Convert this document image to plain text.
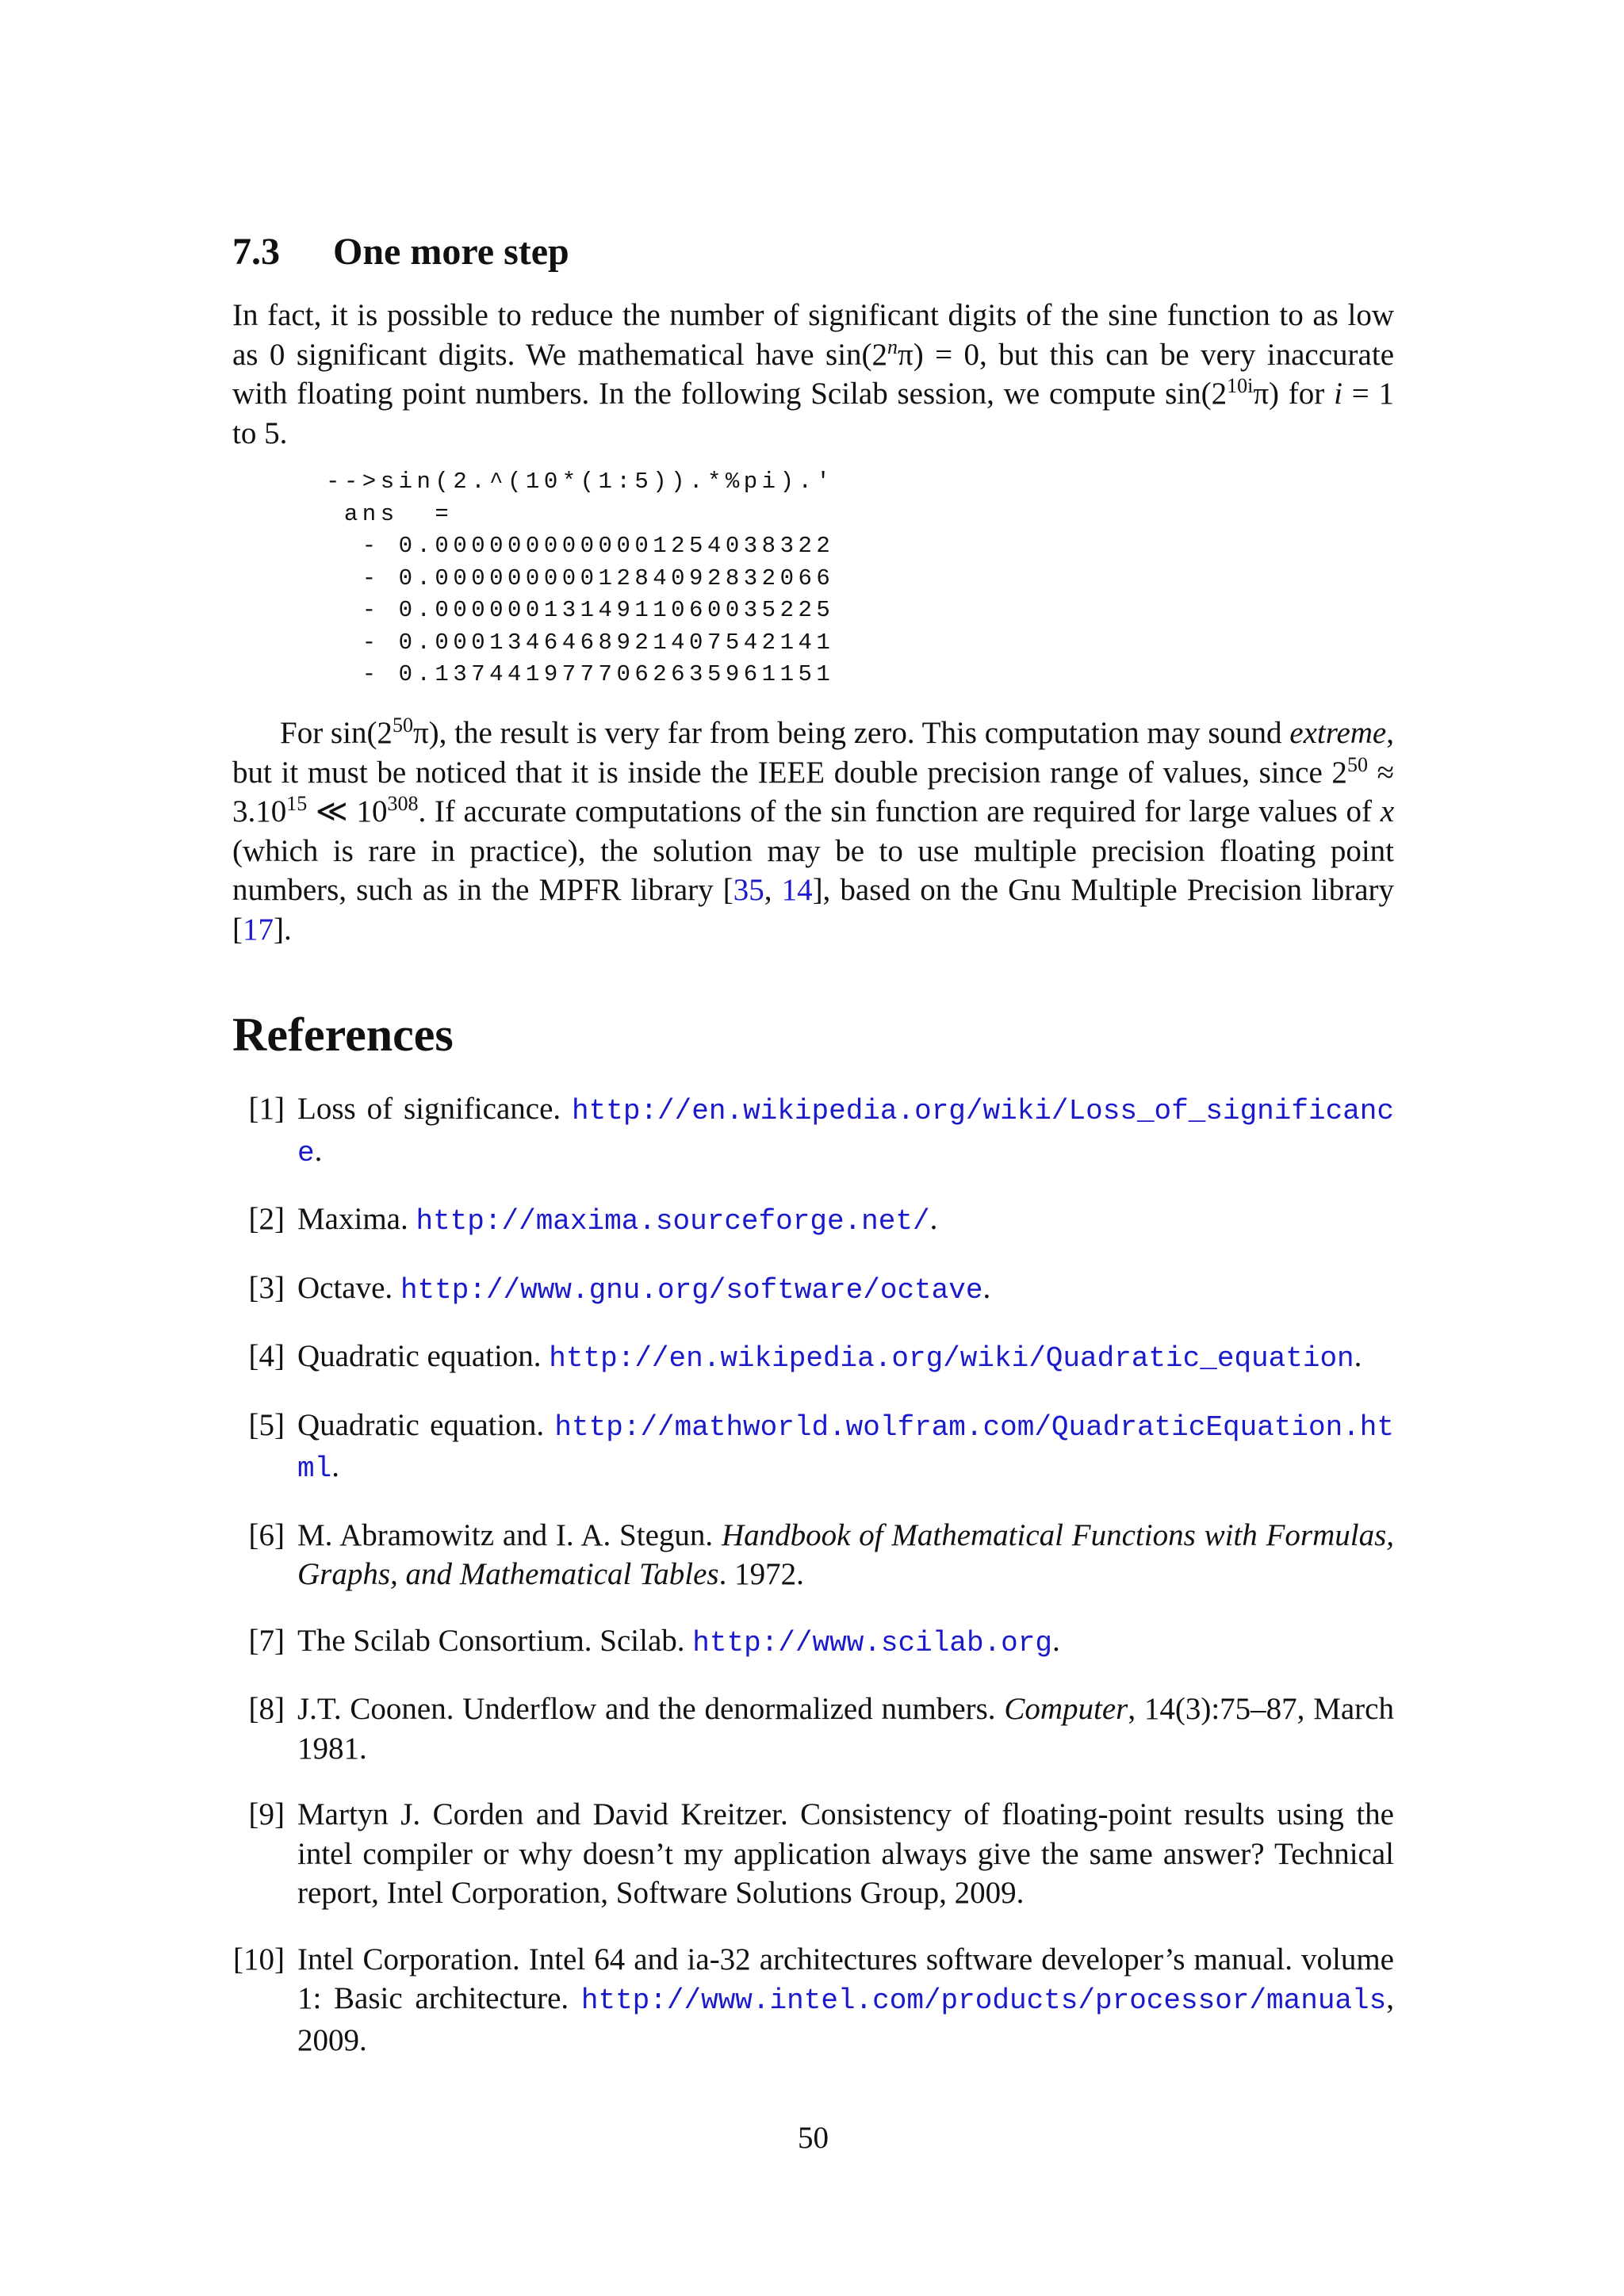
7.3 One more step

In fact, it is possible to reduce the number of significant digits of the sine function to as low as 0 significant digits. We mathematical have $\sin(2^n\pi) = 0$, but this can be very inaccurate with floating point numbers. In the following Scilab session, we compute $\sin(2^{10i}\pi)$ for i = 1 to 5.

-->sin(2.^(10*(1:5)).*%pi).'
ans  =
- 0.0000000000001254038322
- 0.0000000001284092832066
- 0.0000001314911060035225
- 0.0001346468921407542141
- 0.1374419777062635961151

For $\sin(2^{50}\pi)$, the result is very far from being zero. This computation may sound extreme, but it must be noticed that it is inside the IEEE double precision range of values, since $2^{50} \approx 3.10^{15}$ ≪ $10^{308}$. If accurate computations of the sin function are required for large values of x (which is rare in practice), the solution may be to use multiple precision floating point numbers, such as in the MPFR library [35, 14], based on the Gnu Multiple Precision library [17].

References
[1] Loss of significance. http://en.wikipedia.org/wiki/Loss_of_significance.
[2] Maxima. http://maxima.sourceforge.net/.
[3] Octave. http://www.gnu.org/software/octave.
[4] Quadratic equation. http://en.wikipedia.org/wiki/Quadratic_equation.
[5] Quadratic equation. http://mathworld.wolfram.com/QuadraticEquation.html.
[6] M. Abramowitz and I. A. Stegun. Handbook of Mathematical Functions with Formulas, Graphs, and Mathematical Tables. 1972.
[7] The Scilab Consortium. Scilab. http://www.scilab.org.
[8] J.T. Coonen. Underflow and the denormalized numbers. Computer, 14(3):75–87, March 1981.
[9] Martyn J. Corden and David Kreitzer. Consistency of floating-point results using the intel compiler or why doesn’t my application always give the same answer? Technical report, Intel Corporation, Software Solutions Group, 2009.
[10] Intel Corporation. Intel 64 and ia-32 architectures software developer’s manual. volume 1: Basic architecture. http://www.intel.com/products/processor/manuals, 2009.
50
